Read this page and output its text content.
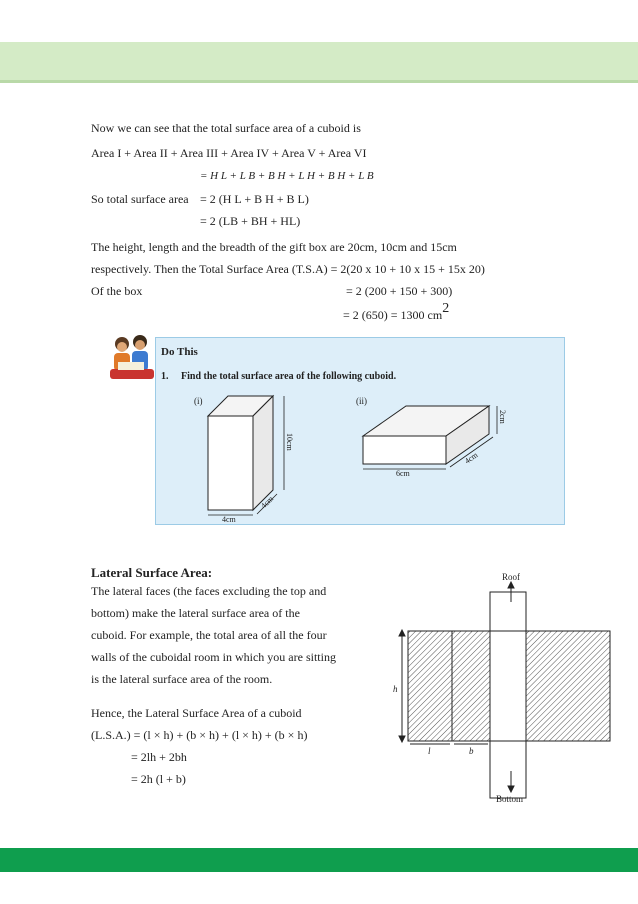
Now we can see that the total surface area of a cuboid is
Area I + Area II + Area III + Area IV + Area V + Area VI
= H L + L B + B H + L H + B H + L B
So total surface area = 2 (H L + B H + B L)
= 2 (LB + BH + HL)
The height, length and the breadth of the gift box are 20cm, 10cm and 15cm
respectively. Then the Total Surface Area (T.S.A) = 2(20 x 10 + 10 x 15 + 15x 20)
Of the box	= 2 (200 + 150 + 300)
= 2 (650) = 1300 cm2
Do This
1. Find the total surface area of the following cuboid.
(i)
10cm
4cm
4cm
(ii)
2cm
6cm
4cm
Lateral Surface Area:
The lateral faces (the faces excluding the top and
bottom) make the lateral surface area of the
cuboid. For example, the total area of all the four
walls of the cuboidal room in which you are sitting
is the lateral surface area of the room.
Hence, the Lateral Surface Area of a cuboid
(L.S.A.) = (l × h) + (b × h) + (l × h) + (b × h)
= 2lh + 2bh
= 2h (l + b)
Roof
Bottom
h
l	b
